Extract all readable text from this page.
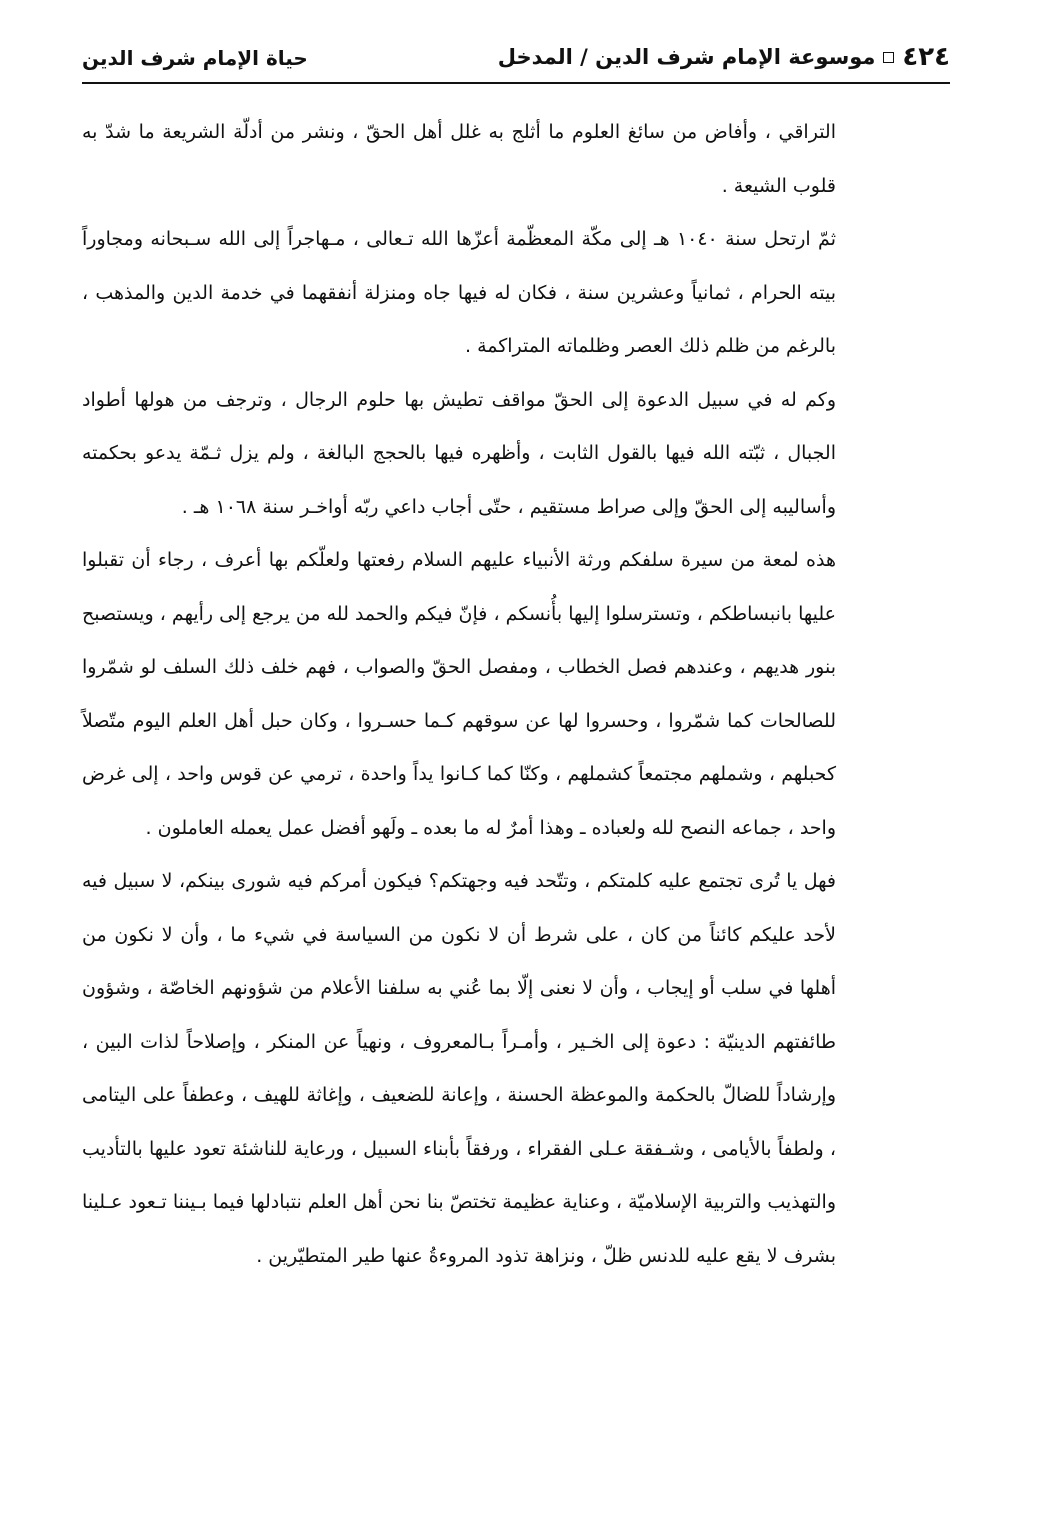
٤٢٤
موسوعة الإمام شرف الدين / المدخل
حياة الإمام شرف الدين

التراقي ، وأفاض من سائغ العلوم ما أثلج به غلل أهل الحقّ ، ونشر من أدلّة الشريعة ما شدّ به قلوب الشيعة .

ثمّ ارتحل سنة ١٠٤٠ هـ إلى مكّة المعظّمة أعزّها الله تـعالى ، مـهاجراً إلى الله سـبحانه ومجاوراً بيته الحرام ، ثمانياً وعشرين سنة ، فكان له فيها جاه ومنزلة أنفقهما في خدمة الدين والمذهب ، بالرغم من ظلم ذلك العصر وظلماته المتراكمة .

وكم له في سبيل الدعوة إلى الحقّ مواقف تطيش بها حلوم الرجال ، وترجف من هولها أطواد الجبال ، ثبّته الله فيها بالقول الثابت ، وأظهره فيها بالحجج البالغة ، ولم يزل ثـمّة يدعو بحكمته وأساليبه إلى الحقّ وإلى صراط مستقيم ، حتّى أجاب داعي ربّه أواخـر سنة ١٠٦٨ هـ .

هذه لمعة من سيرة سلفكم ورثة الأنبياء عليهم السلام رفعتها ولعلّكم بها أعرف ، رجاء أن تقبلوا عليها بانبساطكم ، وتسترسلوا إليها بأُنسكم ، فإنّ فيكم والحمد لله من يرجع إلى رأيهم ، ويستصبح بنور هديهم ، وعندهم فصل الخطاب ، ومفصل الحقّ والصواب ، فهم خلف ذلك السلف لو شمّروا للصالحات كما شمّروا ، وحسروا لها عن سوقهم كـما حسـروا ، وكان حبل أهل العلم اليوم متّصلاً كحبلهم ، وشملهم مجتمعاً كشملهم ، وكنّا كما كـانوا يداً واحدة ، ترمي عن قوس واحد ، إلى غرض واحد ، جماعه النصح لله ولعباده ـ وهذا أمرٌ له ما بعده ـ ولَهو أفضل عمل يعمله العاملون .

فهل يا تُرى تجتمع عليه كلمتكم ، وتتّحد فيه وجهتكم؟ فيكون أمركم فيه شورى بينكم، لا سبيل فيه لأحد عليكم كائناً من كان ، على شرط أن لا نكون من السياسة في شيء ما ، وأن لا نكون من أهلها في سلب أو إيجاب ، وأن لا نعنى إلّا بما عُني به سلفنا الأعلام من شؤونهم الخاصّة ، وشؤون طائفتهم الدينيّة : دعوة إلى الخـير ، وأمـراً بـالمعروف ، ونهياً عن المنكر ، وإصلاحاً لذات البين ، وإرشاداً للضالّ بالحكمة والموعظة الحسنة ، وإعانة للضعيف ، وإغاثة للهيف ، وعطفاً على اليتامى ، ولطفاً بالأيامى ، وشـفقة عـلى الفقراء ، ورفقاً بأبناء السبيل ، ورعاية للناشئة تعود عليها بالتأديب والتهذيب والتربية الإسلاميّة ، وعناية عظيمة تختصّ بنا نحن أهل العلم نتبادلها فيما بـيننا تـعود عـلينا بشرف لا يقع عليه للدنس ظلّ ، ونزاهة تذود المروءةُ عنها طير المتطيّرين .
